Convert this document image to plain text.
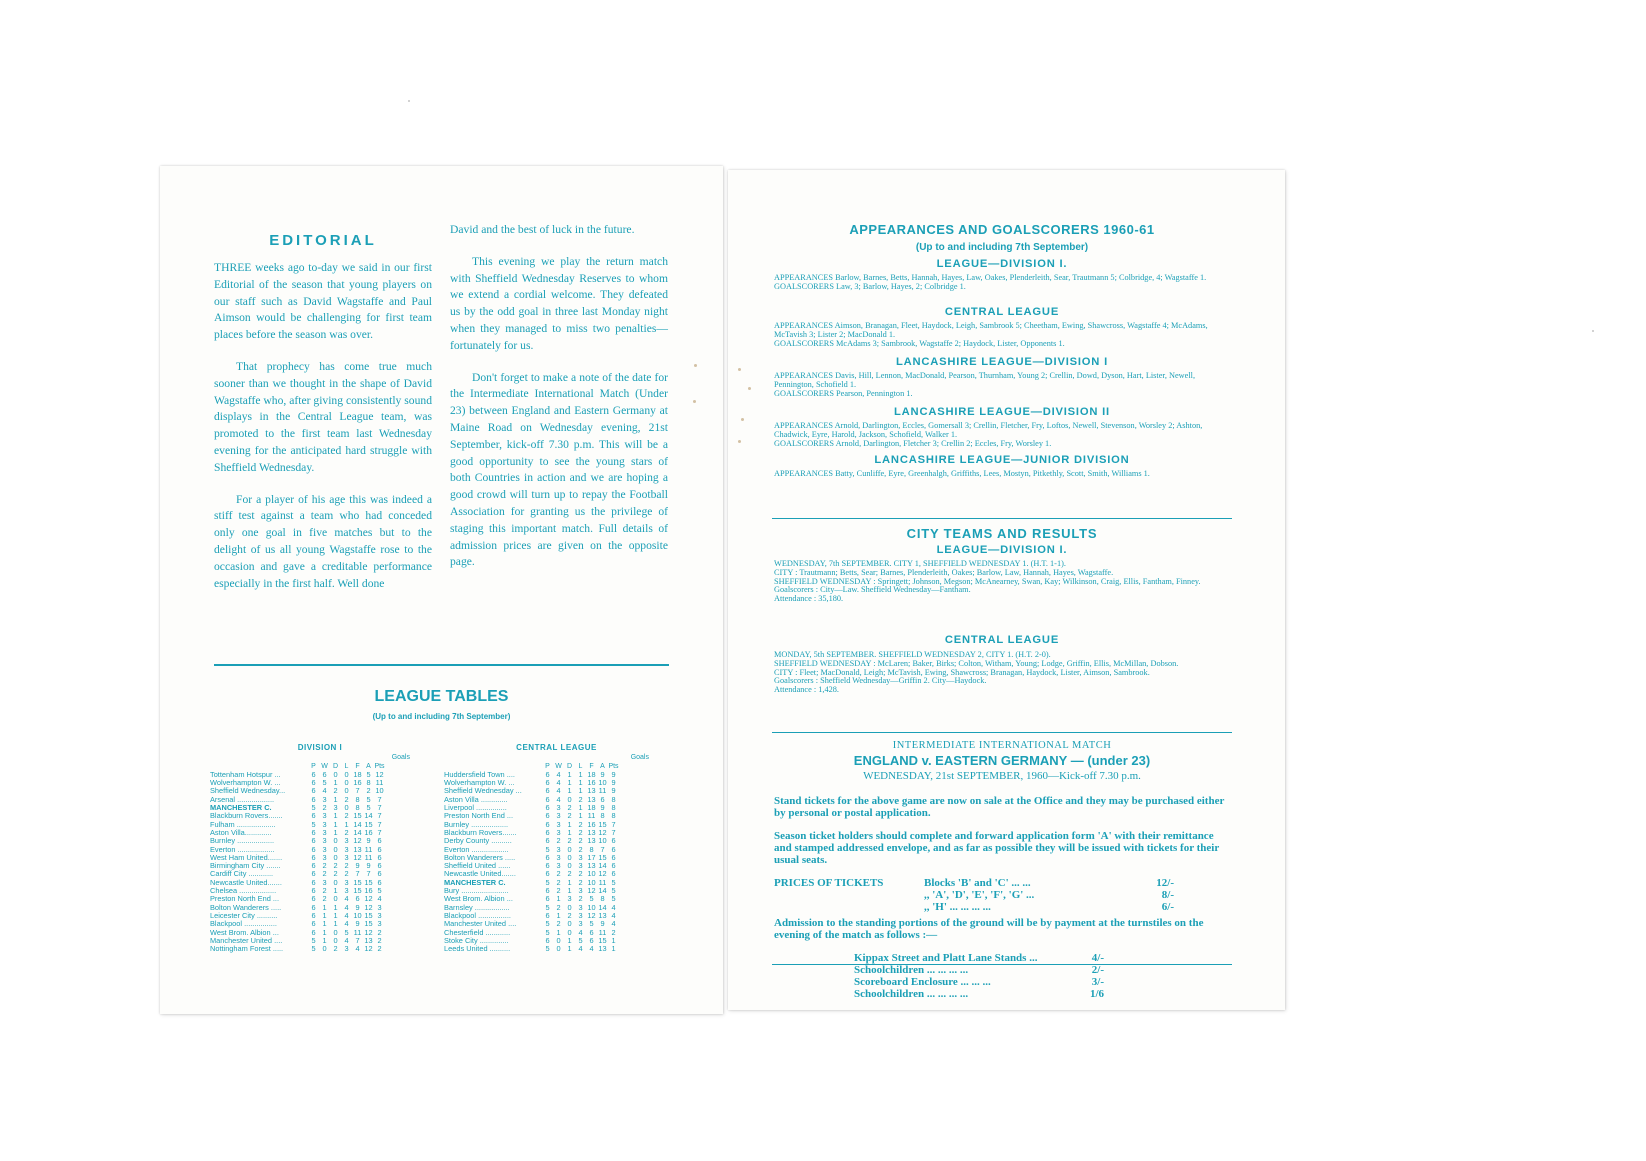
EDITORIAL

THREE weeks ago to-day we said in our first Editorial of the season that young players on our staff such as David Wagstaffe and Paul Aimson would be challenging for first team places before the season was over.

That prophecy has come true much sooner than we thought in the shape of David Wagstaffe who, after giving consistently sound displays in the Central League team, was promoted to the first team last Wednesday evening for the anticipated hard struggle with Sheffield Wednesday.

For a player of his age this was indeed a stiff test against a team who had conceded only one goal in five matches but to the delight of us all young Wagstaffe rose to the occasion and gave a creditable performance especially in the first half. Well done

David and the best of luck in the future.

This evening we play the return match with Sheffield Wednesday Reserves to whom we extend a cordial welcome. They defeated us by the odd goal in three last Monday night when they managed to miss two penalties—fortunately for us.

Don't forget to make a note of the date for the Intermediate International Match (Under 23) between England and Eastern Germany at Maine Road on Wednesday evening, 21st September, kick-off 7.30 p.m. This will be a good opportunity to see the young stars of both Countries in action and we are hoping a good crowd will turn up to repay the Football Association for granting us the privilege of staging this important match. Full details of admission prices are given on the opposite page.

LEAGUE TABLES
(Up to and including 7th September)
DIVISION I
Goals
	P	W	D	L	F	A	Pts
Tottenham Hotspur ...	6	6	0	0	18	5	12
Wolverhampton W. ...	6	5	1	0	16	8	11
Sheffield Wednesday...	6	4	2	0	7	2	10
Arsenal ..................	6	3	1	2	8	5	7
MANCHESTER C.	5	2	3	0	8	5	7
Blackburn Rovers.......	6	3	1	2	15	14	7
Fulham ...................	5	3	1	1	14	15	7
Aston Villa.............	6	3	1	2	14	16	7
Burnley ..................	6	3	0	3	12	9	6
Everton ..................	6	3	0	3	13	11	6
West Ham United.......	6	3	0	3	12	11	6
Birmingham City .......	6	2	2	2	9	9	6
Cardiff City ............	6	2	2	2	7	7	6
Newcastle United.......	6	3	0	3	15	15	6
Chelsea ..................	6	2	1	3	15	16	5
Preston North End ...	6	2	0	4	6	12	4
Bolton Wanderers .....	6	1	1	4	9	12	3
Leicester City ..........	6	1	1	4	10	15	3
Blackpool ................	6	1	1	4	9	15	3
West Brom. Albion ...	6	1	0	5	11	12	2
Manchester United ....	5	1	0	4	7	13	2
Nottingham Forest .....	5	0	2	3	4	12	2
CENTRAL LEAGUE
Goals
	P	W	D	L	F	A	Pts
Huddersfield Town ....	6	4	1	1	18	9	9
Wolverhampton W. ...	6	4	1	1	16	10	9
Sheffield Wednesday ...	6	4	1	1	13	11	9
Aston Villa .............	6	4	0	2	13	6	8
Liverpool ...............	6	3	2	1	18	9	8
Preston North End ...	6	3	2	1	11	8	8
Burnley ..................	6	3	1	2	16	15	7
Blackburn Rovers.......	6	3	1	2	13	12	7
Derby County ..........	6	2	2	2	13	10	6
Everton ..................	5	3	0	2	8	7	6
Bolton Wanderers .....	6	3	0	3	17	15	6
Sheffield United ......	6	3	0	3	13	14	6
Newcastle United.......	6	2	2	2	10	12	6
MANCHESTER C.	5	2	1	2	10	11	5
Bury .......................	6	2	1	3	12	14	5
West Brom. Albion ...	6	1	3	2	5	8	5
Barnsley .................	5	2	0	3	10	14	4
Blackpool ................	6	1	2	3	12	13	4
Manchester United ....	5	2	0	3	5	9	4
Chesterfield ............	5	1	0	4	6	11	2
Stoke City ..............	6	0	1	5	6	15	1
Leeds United ..........	5	0	1	4	4	13	1
APPEARANCES AND GOALSCORERS 1960-61
(Up to and including 7th September)
LEAGUE—DIVISION I.

APPEARANCES Barlow, Barnes, Betts, Hannah, Hayes, Law, Oakes, Plenderleith, Sear, Trautmann 5; Colbridge, 4; Wagstaffe 1.

GOALSCORERS Law, 3; Barlow, Hayes, 2; Colbridge 1.

CENTRAL LEAGUE

APPEARANCES Aimson, Branagan, Fleet, Haydock, Leigh, Sambrook 5; Cheetham, Ewing, Shawcross, Wagstaffe 4; McAdams, McTavish 3; Lister 2; MacDonald 1.

GOALSCORERS McAdams 3; Sambrook, Wagstaffe 2; Haydock, Lister, Opponents 1.

LANCASHIRE LEAGUE—DIVISION I

APPEARANCES Davis, Hill, Lennon, MacDonald, Pearson, Thurnham, Young 2; Crellin, Dowd, Dyson, Hart, Lister, Newell, Pennington, Schofield 1.

GOALSCORERS Pearson, Pennington 1.

LANCASHIRE LEAGUE—DIVISION II

APPEARANCES Arnold, Darlington, Eccles, Gomersall 3; Crellin, Fletcher, Fry, Loftos, Newell, Stevenson, Worsley 2; Ashton, Chadwick, Eyre, Harold, Jackson, Schofield, Walker 1.

GOALSCORERS Arnold, Darlington, Fletcher 3; Crellin 2; Eccles, Fry, Worsley 1.

LANCASHIRE LEAGUE—JUNIOR DIVISION

APPEARANCES Batty, Cunliffe, Eyre, Greenhalgh, Griffiths, Lees, Mostyn, Pitkethly, Scott, Smith, Williams 1.

CITY TEAMS AND RESULTS
LEAGUE—DIVISION I.

WEDNESDAY, 7th SEPTEMBER. CITY 1, SHEFFIELD WEDNESDAY 1. (H.T. 1-1).

CITY : Trautmann; Betts, Sear; Barnes, Plenderleith, Oakes; Barlow, Law, Hannah, Hayes, Wagstaffe.

SHEFFIELD WEDNESDAY : Springett; Johnson, Megson; McAnearney, Swan, Kay; Wilkinson, Craig, Ellis, Fantham, Finney.

Goalscorers : City—Law. Sheffield Wednesday—Fantham.

Attendance : 35,180.

CENTRAL LEAGUE

MONDAY, 5th SEPTEMBER. SHEFFIELD WEDNESDAY 2, CITY 1. (H.T. 2-0).

SHEFFIELD WEDNESDAY : McLaren; Baker, Birks; Colton, Witham, Young; Lodge, Griffin, Ellis, McMillan, Dobson.

CITY : Fleet; MacDonald, Leigh; McTavish, Ewing, Shawcross; Branagan, Haydock, Lister, Aimson, Sambrook.

Goalscorers : Sheffield Wednesday—Griffin 2. City—Haydock.

Attendance : 1,428.

INTERMEDIATE INTERNATIONAL MATCH
ENGLAND v. EASTERN GERMANY — (under 23)
WEDNESDAY, 21st SEPTEMBER, 1960—Kick-off 7.30 p.m.

Stand tickets for the above game are now on sale at the Office and they may be purchased either by personal or postal application.

Season ticket holders should complete and forward application form 'A' with their remittance and stamped addressed envelope, and as far as possible they will be issued with tickets for their usual seats.

PRICES OF TICKETS	Blocks 'B' and 'C' ... ...	12/-
,, 'A', 'D', 'E', 'F', 'G' ...	8/-
,, 'H' ... ... ... ...	6/-

Admission to the standing portions of the ground will be by payment at the turnstiles on the evening of the match as follows :—

Kippax Street and Platt Lane Stands ...	4/-
Schoolchildren ... ... ... ...	2/-
Scoreboard Enclosure ... ... ...	3/-
Schoolchildren ... ... ... ...	1/6
